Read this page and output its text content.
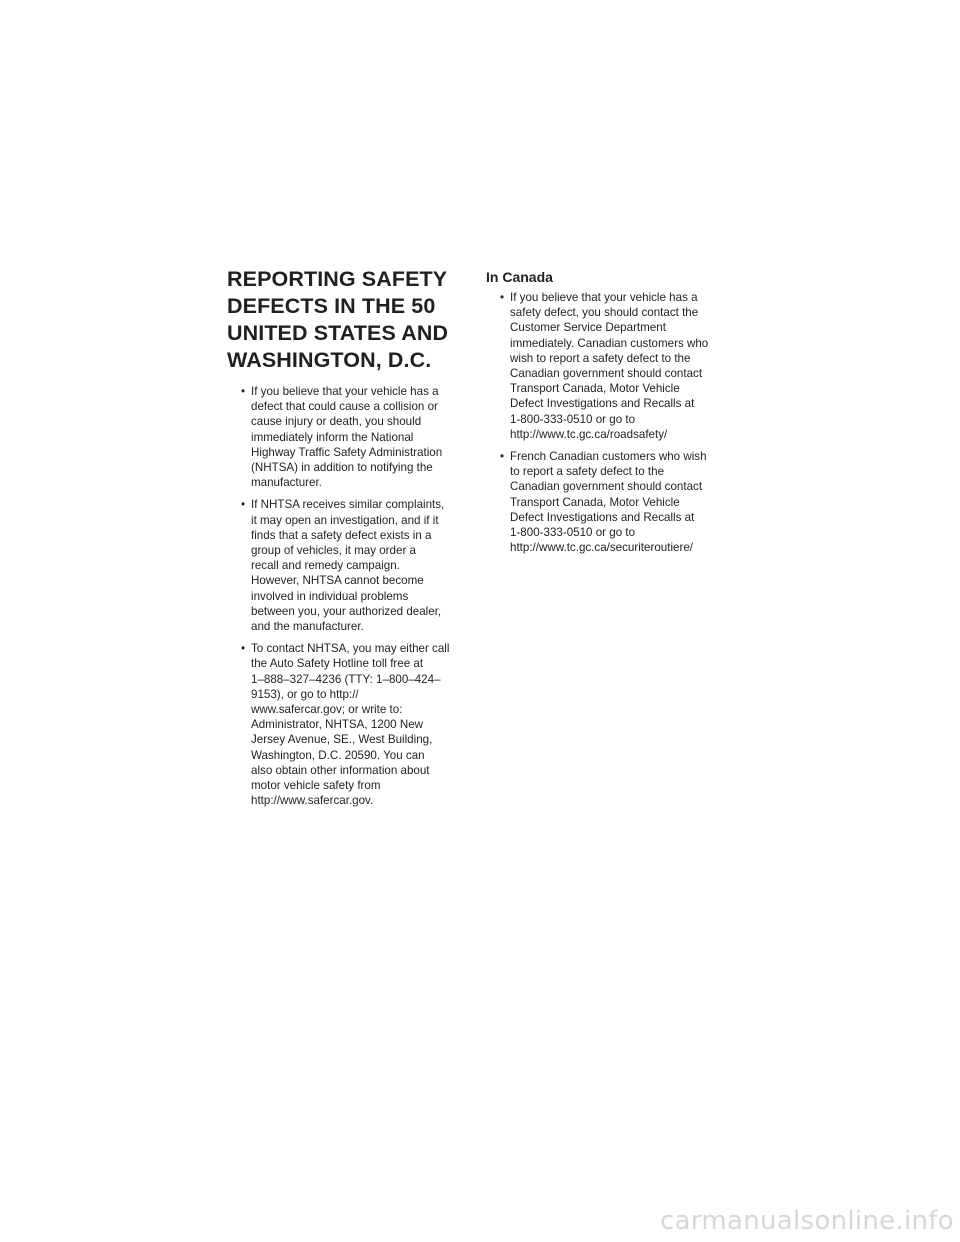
REPORTING SAFETY
DEFECTS IN THE 50
UNITED STATES AND
WASHINGTON, D.C.
• If you believe that your vehicle has a
defect that could cause a collision or
cause injury or death, you should
immediately inform the National
Highway Traffic Safety Administration
(NHTSA) in addition to notifying the
manufacturer.
• If NHTSA receives similar complaints,
it may open an investigation, and if it
finds that a safety defect exists in a
group of vehicles, it may order a
recall and remedy campaign.
However, NHTSA cannot become
involved in individual problems
between you, your authorized dealer,
and the manufacturer.
• To contact NHTSA, you may either call
the Auto Safety Hotline toll free at
1–888–327–4236 (TTY: 1–800–424–
9153), or go to http://
www.safercar.gov; or write to:
Administrator, NHTSA, 1200 New
Jersey Avenue, SE., West Building,
Washington, D.C. 20590. You can
also obtain other information about
motor vehicle safety from
http://www.safercar.gov.
In Canada
• If you believe that your vehicle has a
safety defect, you should contact the
Customer Service Department
immediately. Canadian customers who
wish to report a safety defect to the
Canadian government should contact
Transport Canada, Motor Vehicle
Defect Investigations and Recalls at
1-800-333-0510 or go to
http://www.tc.gc.ca/roadsafety/
• French Canadian customers who wish
to report a safety defect to the
Canadian government should contact
Transport Canada, Motor Vehicle
Defect Investigations and Recalls at
1-800-333-0510 or go to
http://www.tc.gc.ca/securiteroutiere/
carmanualsonline.info
